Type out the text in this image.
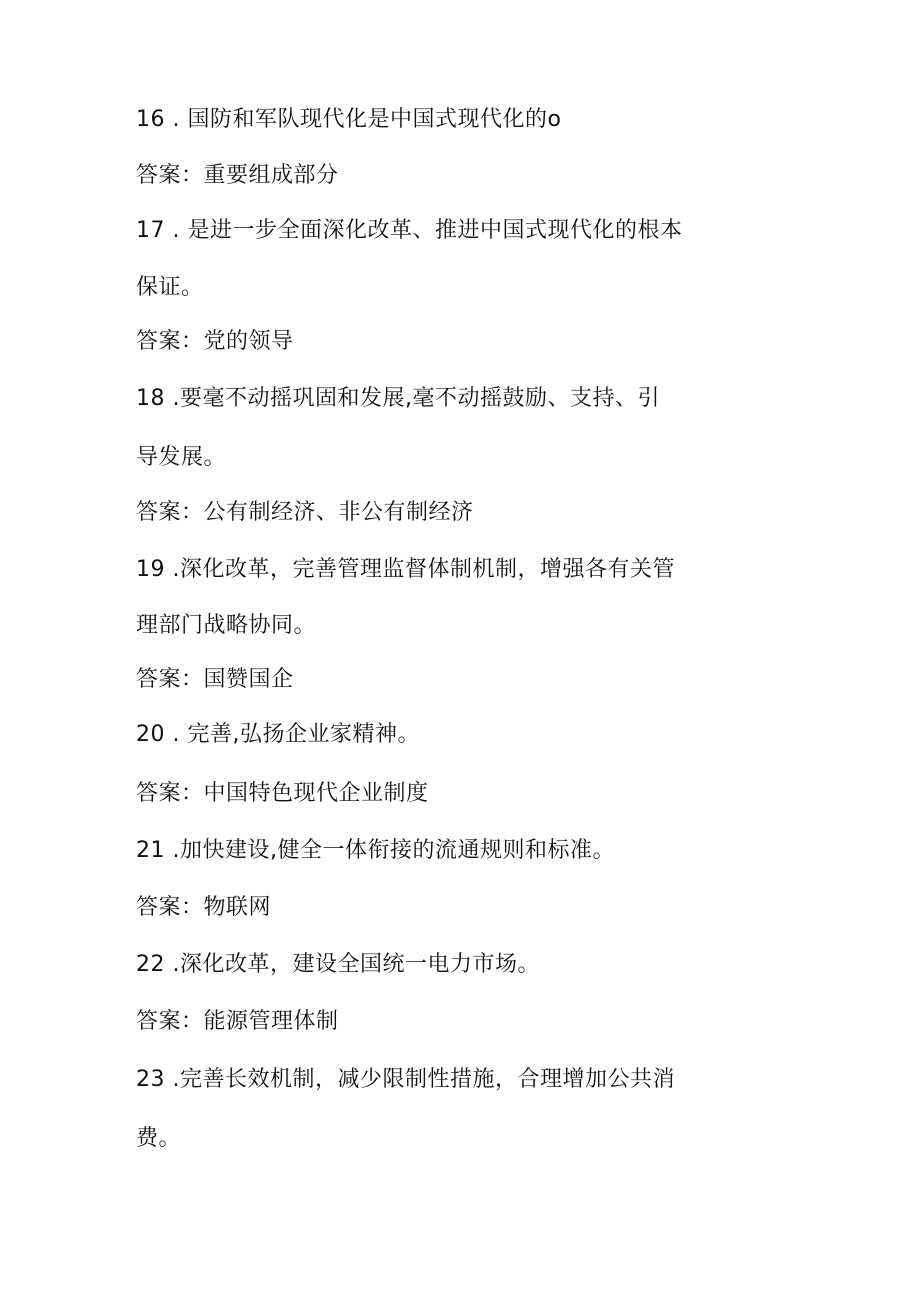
16 . 国防和军队现代化是中国式现代化的o
答案：重要组成部分
17 . 是进一步全面深化改革、推进中国式现代化的根本
保证。
答案：党的领导
18 .要毫不动摇巩固和发展,毫不动摇鼓励、支持、引
导发展。
答案：公有制经济、非公有制经济
19 .深化改革，完善管理监督体制机制，增强各有关管
理部门战略协同。
答案：国赞国企
20 . 完善,弘扬企业家精神。
答案：中国特色现代企业制度
21 .加快建设,健全一体衔接的流通规则和标准。
答案：物联网
22 .深化改革，建设全国统一电力市场。
答案：能源管理体制
23 .完善长效机制，减少限制性措施，合理增加公共消
费。
